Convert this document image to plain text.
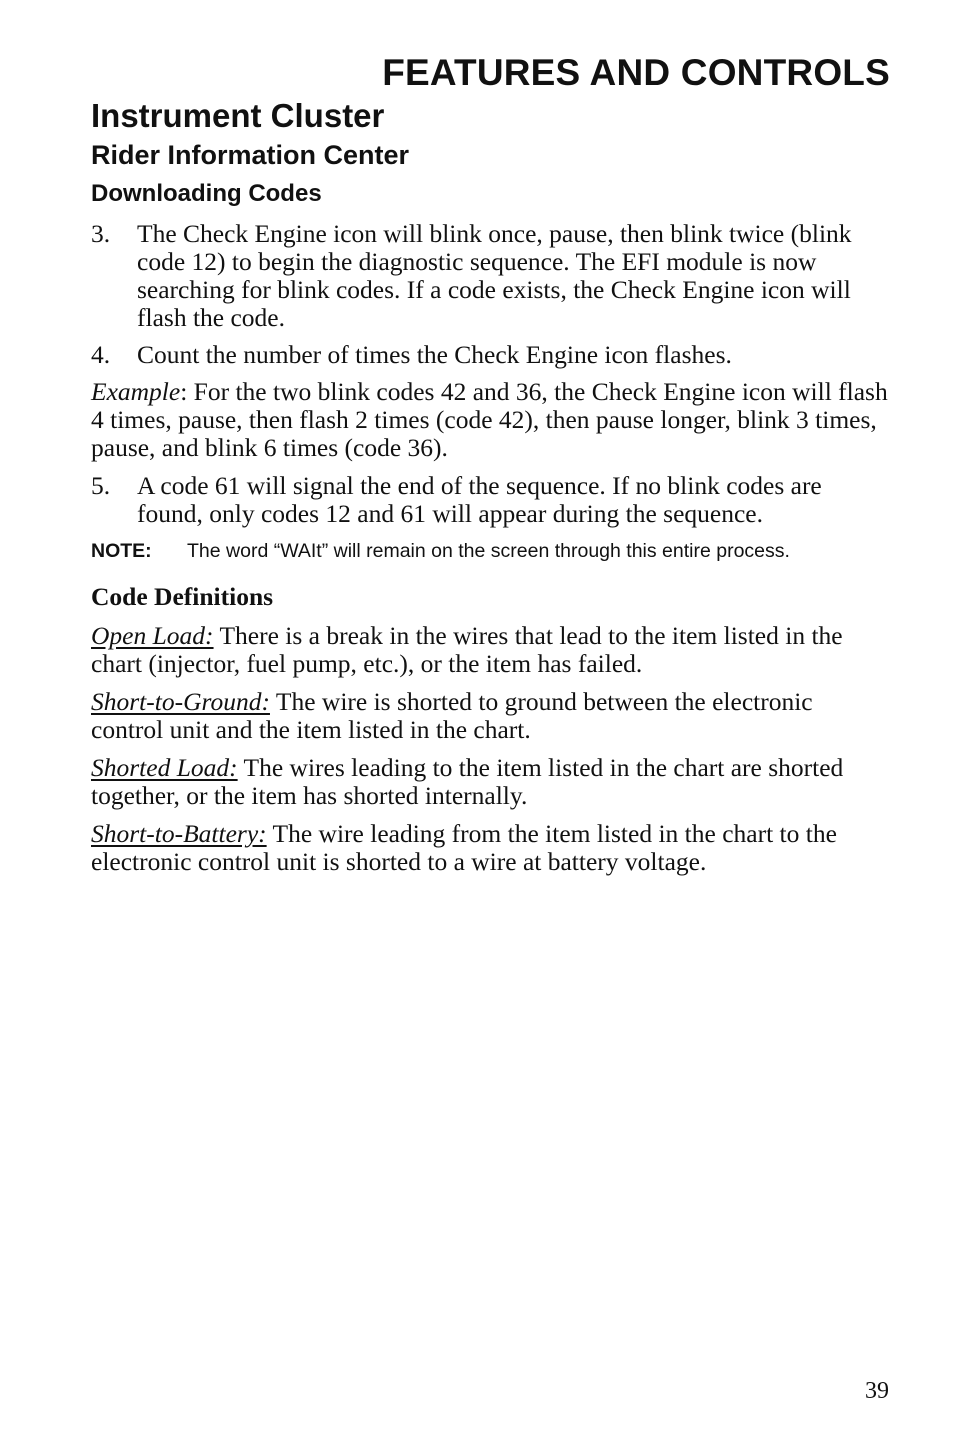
FEATURES AND CONTROLS
Instrument Cluster
Rider Information Center
Downloading Codes
3.	The Check Engine icon will blink once, pause, then blink twice (blink code 12) to begin the diagnostic sequence. The EFI module is now searching for blink codes. If a code exists, the Check Engine icon will flash the code.
4.	Count the number of times the Check Engine icon flashes.

Example: For the two blink codes 42 and 36, the Check Engine icon will flash 4 times, pause, then flash 2 times (code 42), then pause longer, blink 3 times, pause, and blink 6 times (code 36).

5.	A code 61 will signal the end of the sequence. If no blink codes are found, only codes 12 and 61 will appear during the sequence.
NOTE: The word “WAIt” will remain on the screen through this entire process.
Code Definitions

Open Load: There is a break in the wires that lead to the item listed in the chart (injector, fuel pump, etc.), or the item has failed.

Short-to-Ground: The wire is shorted to ground between the electronic control unit and the item listed in the chart.

Shorted Load: The wires leading to the item listed in the chart are shorted together, or the item has shorted internally.

Short-to-Battery: The wire leading from the item listed in the chart to the electronic control unit is shorted to a wire at battery voltage.

39
